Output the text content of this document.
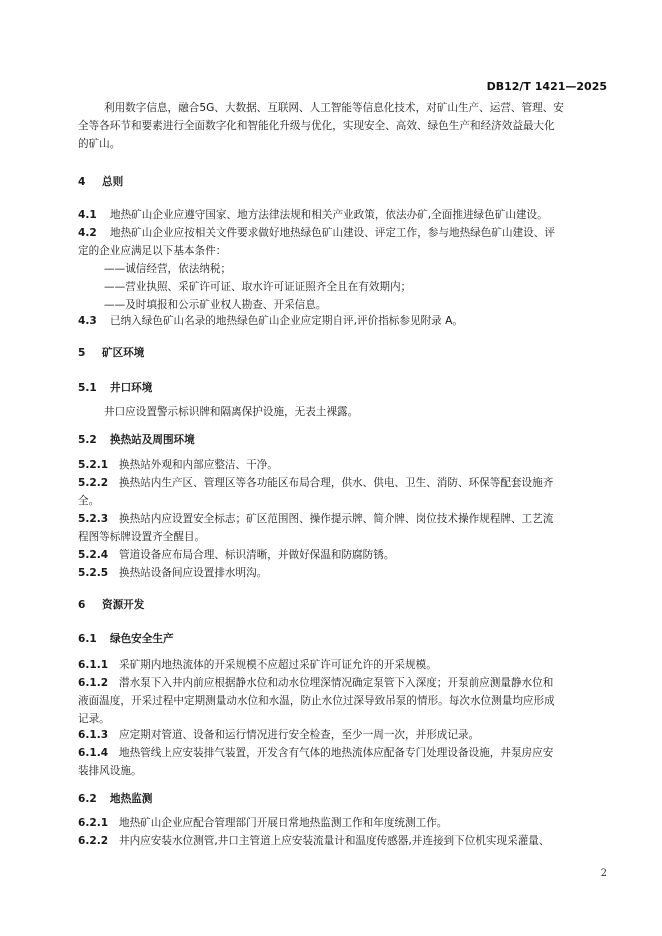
DB12/T 1421—2025
利用数字信息，融合5G、大数据、互联网、人工智能等信息化技术，对矿山生产、运营、管理、安
全等各环节和要素进行全面数字化和智能化升级与优化，实现安全、高效、绿色生产和经济效益最大化
的矿山。
4 总则
4.1 地热矿山企业应遵守国家、地方法律法规和相关产业政策，依法办矿,全面推进绿色矿山建设。
4.2 地热矿山企业应按相关文件要求做好地热绿色矿山建设、评定工作，参与地热绿色矿山建设、评
定的企业应满足以下基本条件：
——诚信经营，依法纳税；
——营业执照、采矿许可证、取水许可证证照齐全且在有效期内；
——及时填报和公示矿业权人勘查、开采信息。
4.3 已纳入绿色矿山名录的地热绿色矿山企业应定期自评,评价指标参见附录 A。
5 矿区环境
5.1 井口环境
井口应设置警示标识牌和隔离保护设施，无表土裸露。
5.2 换热站及周围环境
5.2.1 换热站外观和内部应整洁、干净。
5.2.2 换热站内生产区、管理区等各功能区布局合理，供水、供电、卫生、消防、环保等配套设施齐
全。
5.2.3 换热站内应设置安全标志；矿区范围图、操作提示牌、简介牌、岗位技术操作规程牌、工艺流
程图等标牌设置齐全醒目。
5.2.4 管道设备应布局合理、标识清晰，并做好保温和防腐防锈。
5.2.5 换热站设备间应设置排水明沟。
6 资源开发
6.1 绿色安全生产
6.1.1 采矿期内地热流体的开采规模不应超过采矿许可证允许的开采规模。
6.1.2 潜水泵下入井内前应根据静水位和动水位埋深情况确定泵管下入深度；开泵前应测量静水位和
液面温度，开采过程中定期测量动水位和水温，防止水位过深导致吊泵的情形。每次水位测量均应形成
记录。
6.1.3 应定期对管道、设备和运行情况进行安全检查，至少一周一次，并形成记录。
6.1.4 地热管线上应安装排气装置，开发含有气体的地热流体应配备专门处理设备设施，井泵房应安
装排风设施。
6.2 地热监测
6.2.1 地热矿山企业应配合管理部门开展日常地热监测工作和年度统测工作。
6.2.2 井内应安装水位测管,井口主管道上应安装流量计和温度传感器,并连接到下位机实现采灌量、
2
